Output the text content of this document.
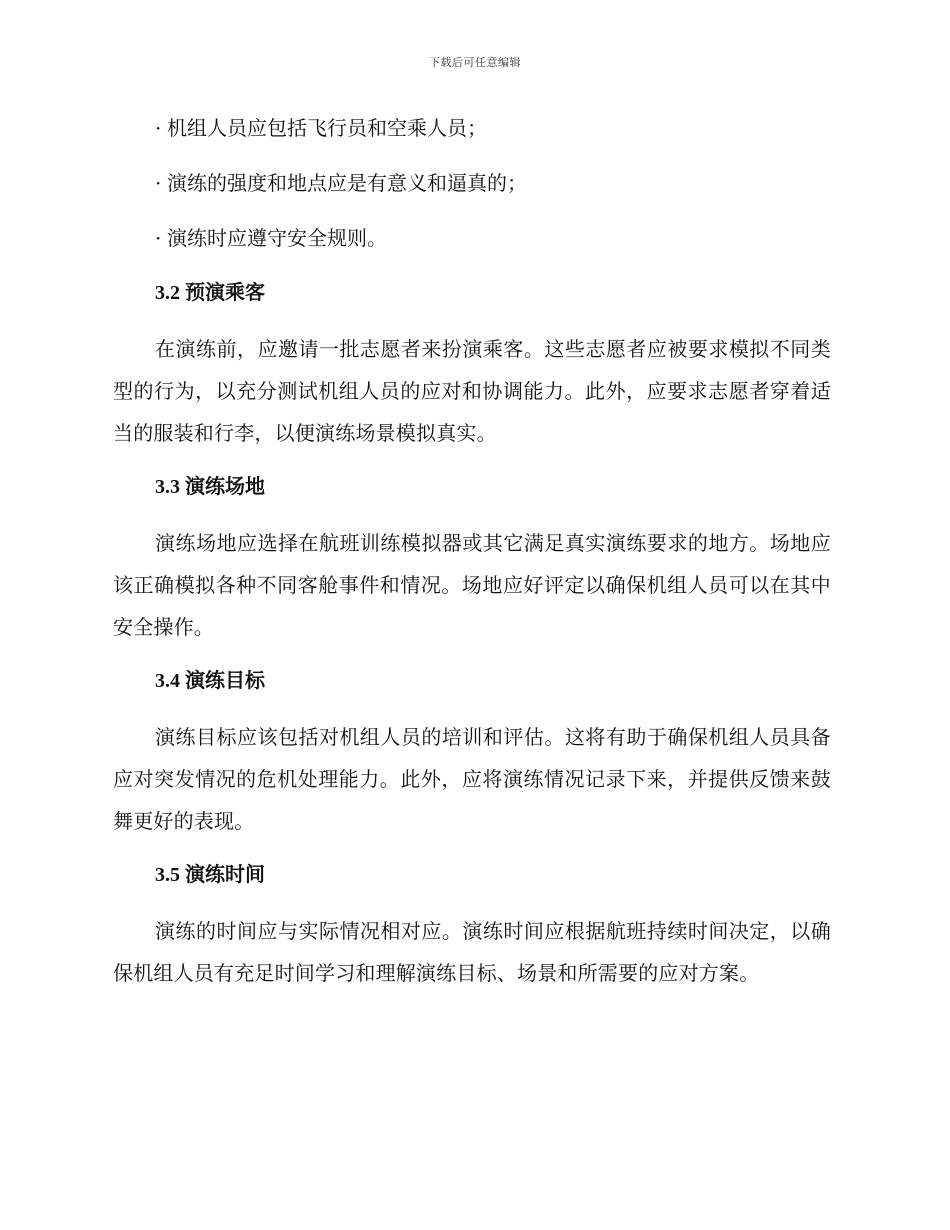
下载后可任意编辑
· 机组人员应包括飞行员和空乘人员；
· 演练的强度和地点应是有意义和逼真的；
· 演练时应遵守安全规则。
3.2 预演乘客
在演练前，应邀请一批志愿者来扮演乘客。这些志愿者应被要求模拟不同类型的行为，以充分测试机组人员的应对和协调能力。此外，应要求志愿者穿着适当的服装和行李，以便演练场景模拟真实。
3.3 演练场地
演练场地应选择在航班训练模拟器或其它满足真实演练要求的地方。场地应该正确模拟各种不同客舱事件和情况。场地应好评定以确保机组人员可以在其中安全操作。
3.4 演练目标
演练目标应该包括对机组人员的培训和评估。这将有助于确保机组人员具备应对突发情况的危机处理能力。此外，应将演练情况记录下来，并提供反馈来鼓舞更好的表现。
3.5 演练时间
演练的时间应与实际情况相对应。演练时间应根据航班持续时间决定，以确保机组人员有充足时间学习和理解演练目标、场景和所需要的应对方案。
